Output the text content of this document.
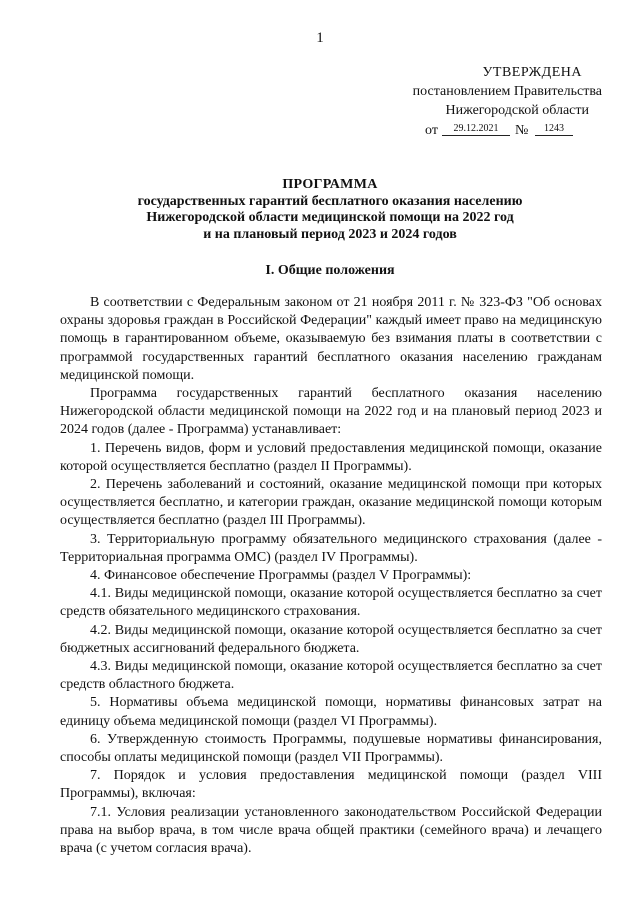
1
УТВЕРЖДЕНА
постановлением Правительства
Нижегородской области
от	29.12.2021	№	1243
ПРОГРАММА
государственных гарантий бесплатного оказания населению
Нижегородской области медицинской помощи на 2022 год
и на плановый период 2023 и 2024 годов
I. Общие положения

В соответствии с Федеральным законом от 21 ноября 2011 г. № 323-ФЗ "Об основах охраны здоровья граждан в Российской Федерации" каждый имеет право на медицинскую помощь в гарантированном объеме, оказываемую без взимания платы в соответствии с программой государственных гарантий бесплатного оказания населению гражданам медицинской помощи.

Программа государственных гарантий бесплатного оказания населению Нижегородской области медицинской помощи на 2022 год и на плановый период 2023 и 2024 годов (далее - Программа) устанавливает:

1. Перечень видов, форм и условий предоставления медицинской помощи, оказание которой осуществляется бесплатно (раздел II Программы).

2. Перечень заболеваний и состояний, оказание медицинской помощи при которых осуществляется бесплатно, и категории граждан, оказание медицинской помощи которым осуществляется бесплатно (раздел III Программы).

3. Территориальную программу обязательного медицинского страхования (далее - Территориальная программа ОМС) (раздел IV Программы).

4. Финансовое обеспечение Программы (раздел V Программы):

4.1. Виды медицинской помощи, оказание которой осуществляется бесплатно за счет средств обязательного медицинского страхования.

4.2. Виды медицинской помощи, оказание которой осуществляется бесплатно за счет бюджетных ассигнований федерального бюджета.

4.3. Виды медицинской помощи, оказание которой осуществляется бесплатно за счет средств областного бюджета.

5. Нормативы объема медицинской помощи, нормативы финансовых затрат на единицу объема медицинской помощи (раздел VI Программы).

6. Утвержденную стоимость Программы, подушевые нормативы финансирования, способы оплаты медицинской помощи (раздел VII Программы).

7. Порядок и условия предоставления медицинской помощи (раздел VIII Программы), включая:

7.1. Условия реализации установленного законодательством Российской Федерации права на выбор врача, в том числе врача общей практики (семейного врача) и лечащего врача (с учетом согласия врача).
